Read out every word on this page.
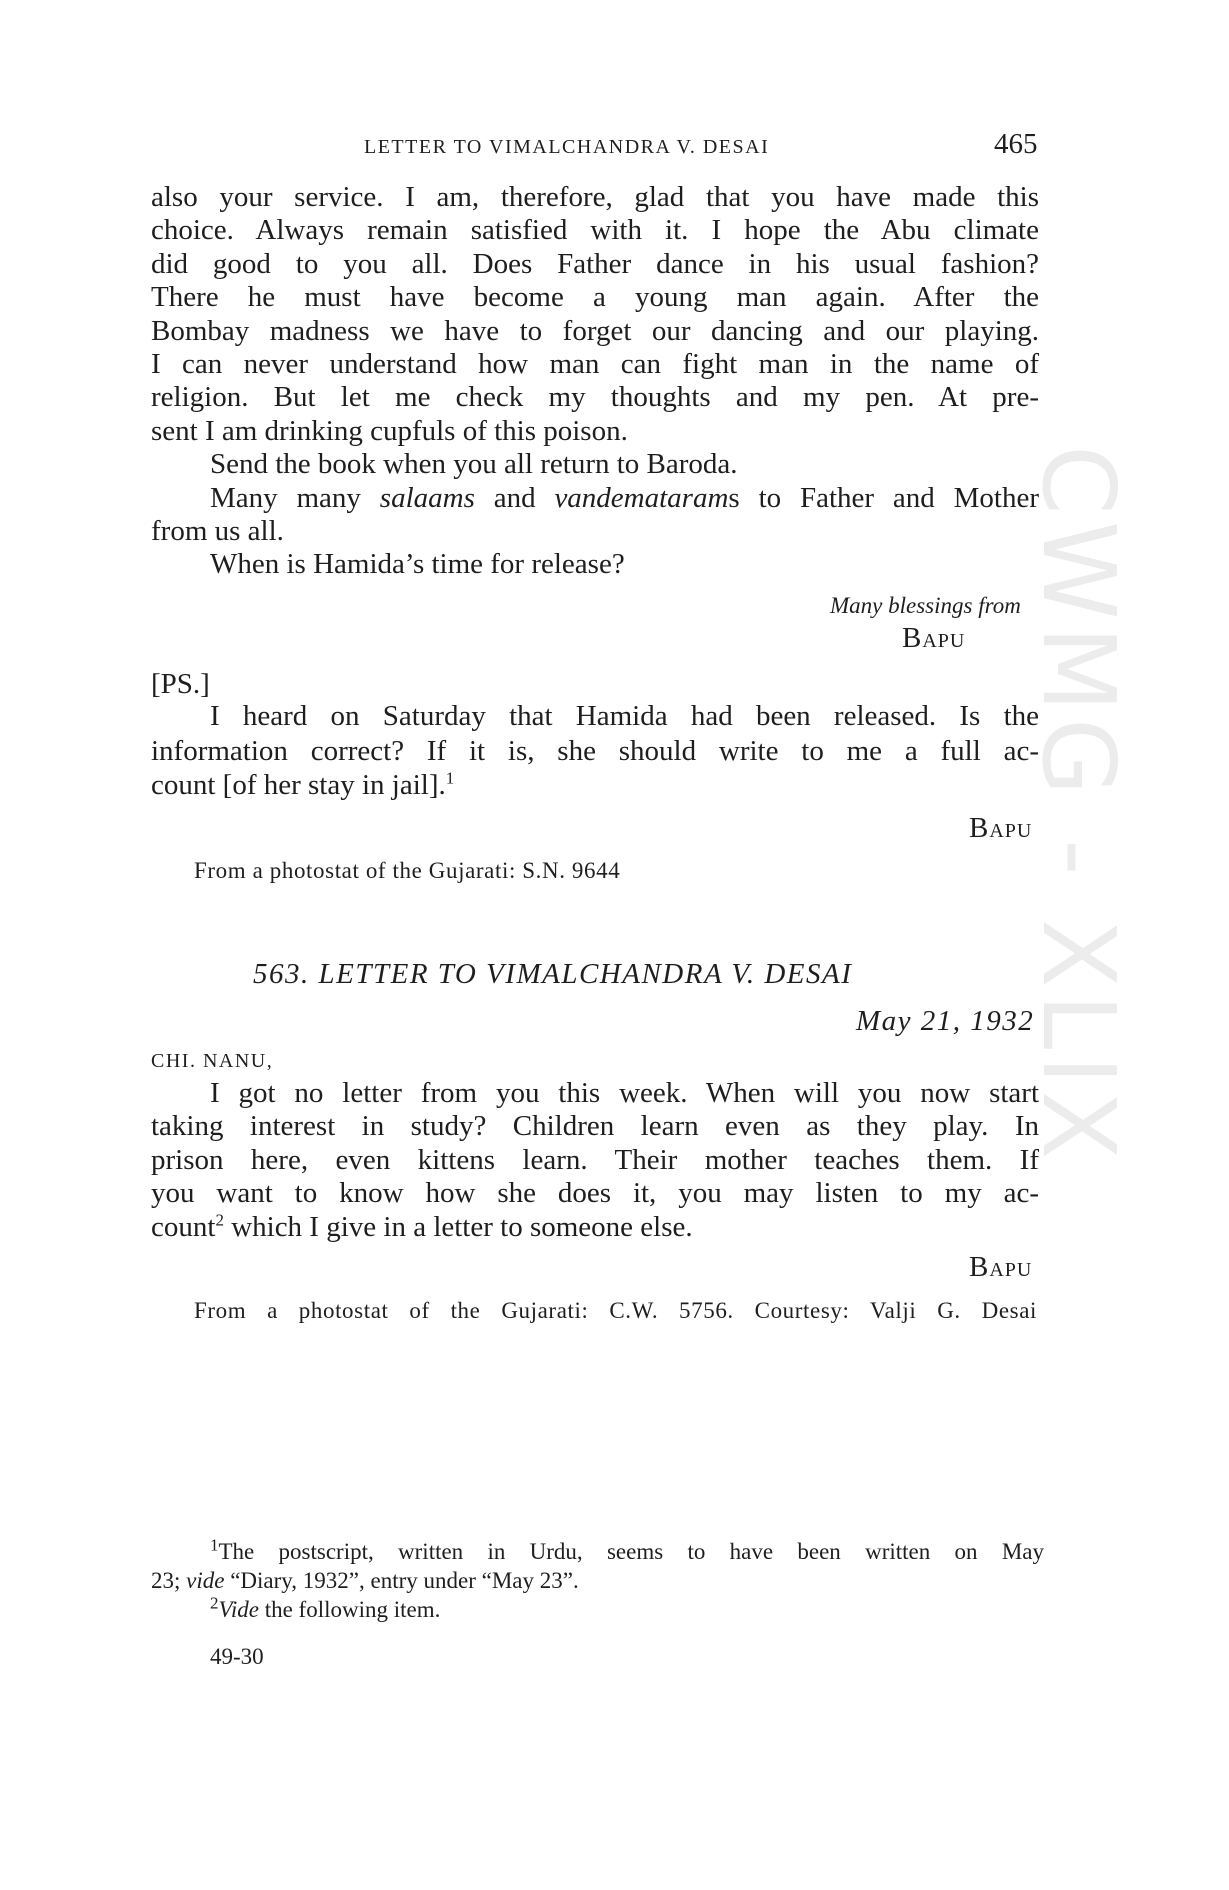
LETTER TO VIMALCHANDRA V. DESAI	465
CWMG - XLIX
also your service. I am, therefore, glad that you have made this
choice. Always remain satisfied with it. I hope the Abu climate
did good to you all. Does Father dance in his usual fashion?
There he must have become a young man again. After the
Bombay madness we have to forget our dancing and our playing.
I can never understand how man can fight man in the name of
religion. But let me check my thoughts and my pen. At pre-
sent I am drinking cupfuls of this poison.
Send the book when you all return to Baroda.
Many many salaams and vandematarams to Father and Mother
from us all.
When is Hamida’s time for release?
Many blessings from
Bapu
[PS.]
I heard on Saturday that Hamida had been released. Is the
information correct? If it is, she should write to me a full ac-
count [of her stay in jail].$^1$
Bapu
From a photostat of the Gujarati: S.N. 9644
563. LETTER TO VIMALCHANDRA V. DESAI
May 21, 1932
CHI. NANU,
I got no letter from you this week. When will you now start
taking interest in study? Children learn even as they play. In
prison here, even kittens learn. Their mother teaches them. If
you want to know how she does it, you may listen to my ac-
count$^2$ which I give in a letter to someone else.
Bapu
From a photostat of the Gujarati: C.W. 5756. Courtesy: Valji G. Desai
$^1$The postscript, written in Urdu, seems to have been written on May
23; vide “Diary, 1932”, entry under “May 23”.
$^2$Vide the following item.
49-30
